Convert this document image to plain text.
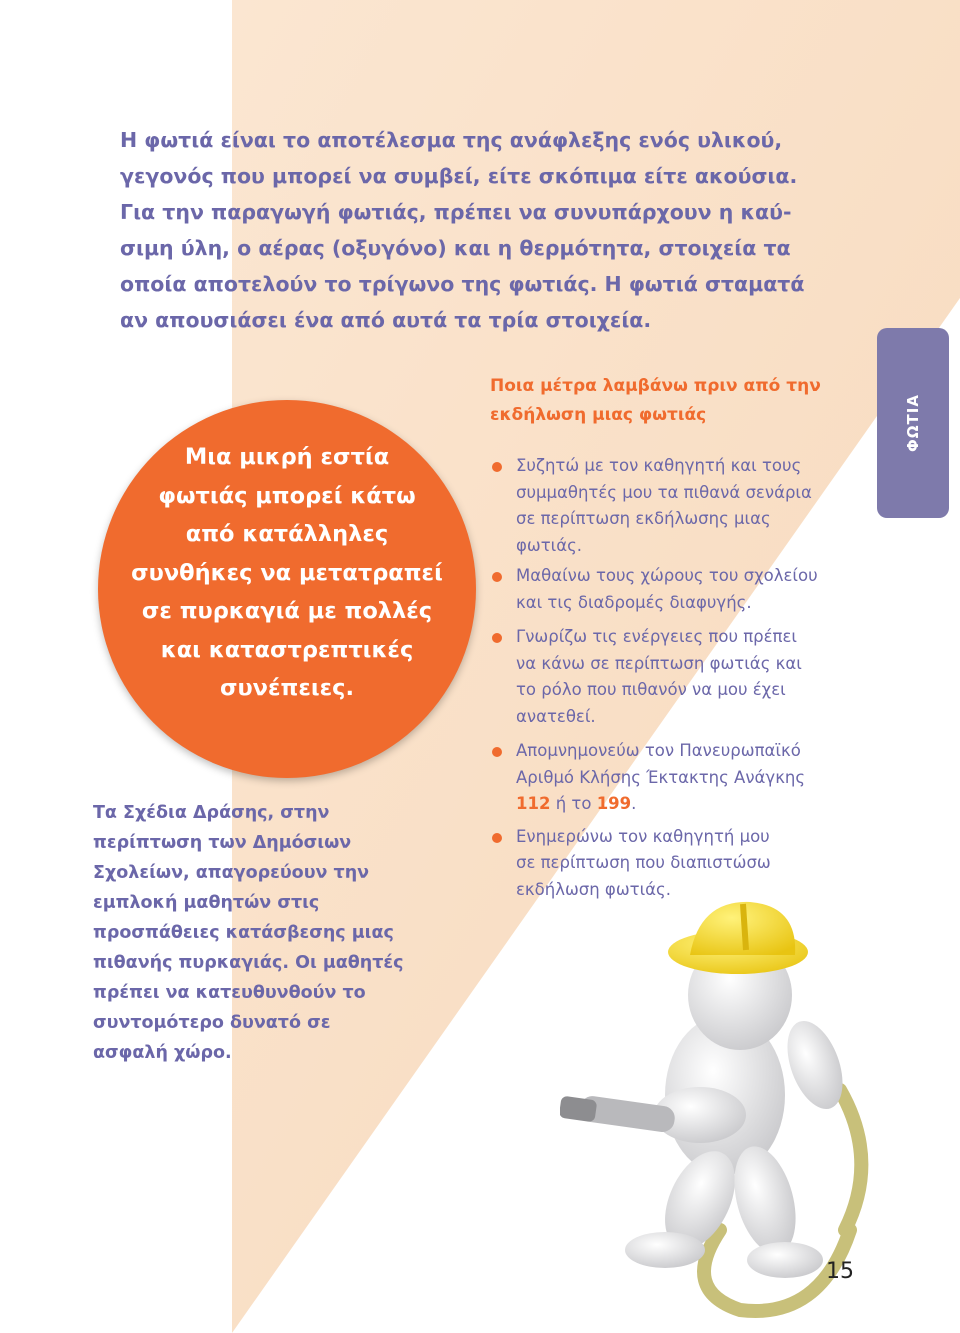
Η φωτιά είναι το αποτέλεσμα της ανάφλεξης ενός υλικού,
γεγονός που μπορεί να συμβεί, είτε σκόπιμα είτε ακούσια.
Για την παραγωγή φωτιάς, πρέπει να συνυπάρχουν η καύ-
σιμη ύλη, ο αέρας (οξυγόνο) και η θερμότητα, στοιχεία τα
οποία αποτελούν το τρίγωνο της φωτιάς. Η φωτιά σταματά
αν απουσιάσει ένα από αυτά τα τρία στοιχεία.
Μια μικρή εστία
φωτιάς μπορεί κάτω
από κατάλληλες
συνθήκες να μετατραπεί
σε πυρκαγιά με πολλές
και καταστρεπτικές
συνέπειες.
Τα Σχέδια Δράσης, στην
περίπτωση των Δημόσιων
Σχολείων, απαγορεύουν την
εμπλοκή μαθητών στις
προσπάθειες κατάσβεσης μιας
πιθανής πυρκαγιάς. Οι μαθητές
πρέπει να κατευθυνθούν το
συντομότερο δυνατό σε
ασφαλή χώρο.
ΦΩΤΙΑ
Ποια μέτρα λαμβάνω πριν από την
εκδήλωση μιας φωτιάς
Συζητώ με τον καθηγητή και τους
συμμαθητές μου τα πιθανά σενάρια
σε περίπτωση εκδήλωσης μιας
φωτιάς.
Μαθαίνω τους χώρους του σχολείου
και τις διαδρομές διαφυγής.
Γνωρίζω τις ενέργειες που πρέπει
να κάνω σε περίπτωση φωτιάς και
το ρόλο που πιθανόν να μου έχει
ανατεθεί.
Απομνημονεύω τον Πανευρωπαϊκό
Αριθμό Κλήσης Έκτακτης Ανάγκης
112 ή το 199.
Ενημερώνω τον καθηγητή μου
σε περίπτωση που διαπιστώσω
εκδήλωση φωτιάς.
15
